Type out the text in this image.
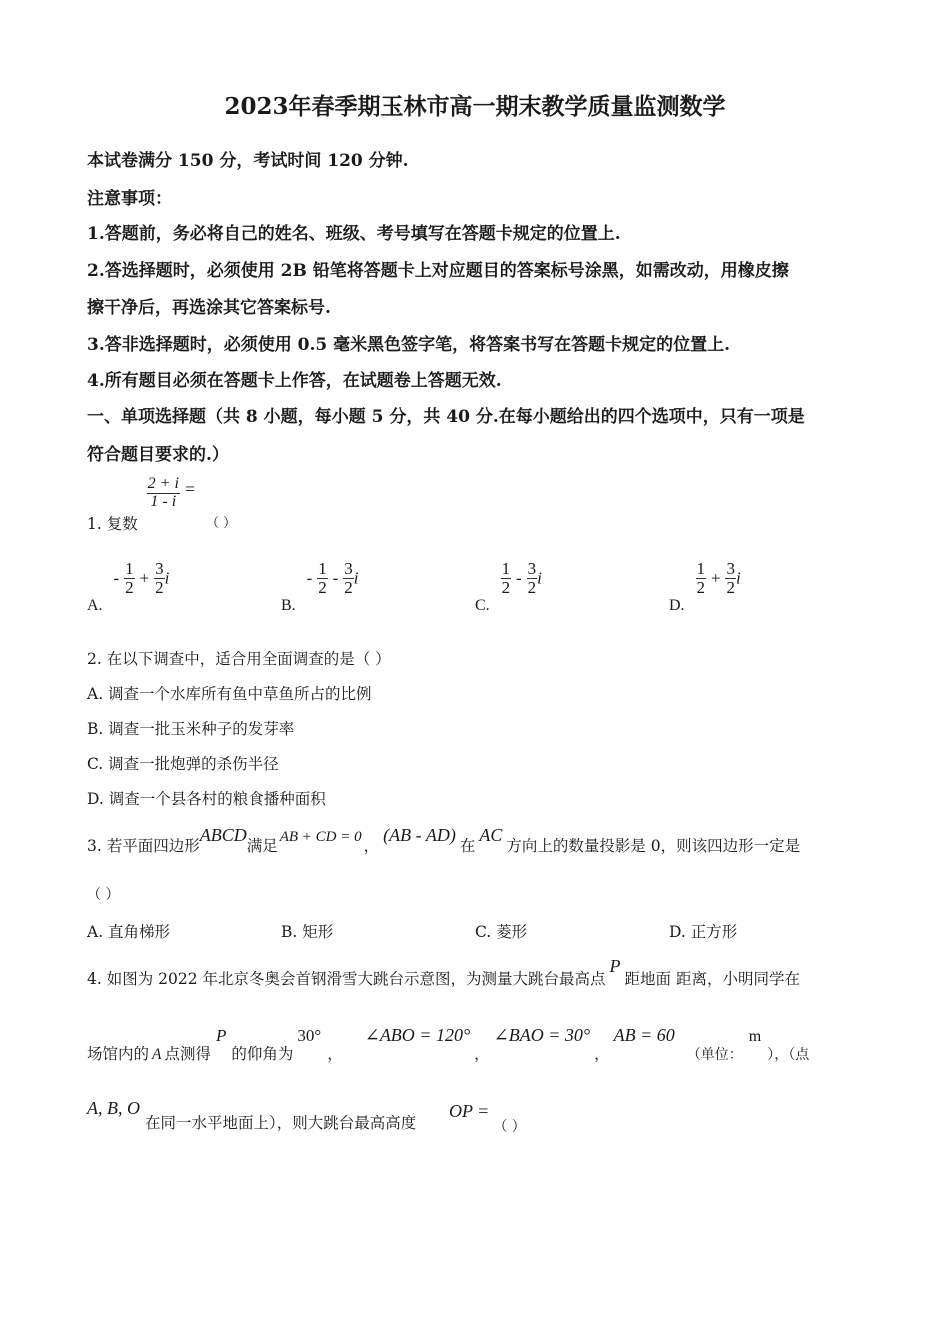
2023年春季期玉林市高一期末教学质量监测数学
本试卷满分 150 分，考试时间 120 分钟.
注意事项：
1.答题前，务必将自己的姓名、班级、考号填写在答题卡规定的位置上.
2.答选择题时，必须使用 2B 铅笔将答题卡上对应题目的答案标号涂黑，如需改动，用橡皮擦
擦干净后，再选涂其它答案标号.
3.答非选择题时，必须使用 0.5 毫米黑色签字笔，将答案书写在答题卡规定的位置上.
4.所有题目必须在答题卡上作答，在试题卷上答题无效.
一、单项选择题（共 8 小题，每小题 5 分，共 40 分.在每小题给出的四个选项中，只有一项是
符合题目要求的.）
1. 复数
$\frac{2 + i}{1 - i} = _{( )}$
A. - $\frac{1}{2} + \frac{3}{2}$ i
B. - $\frac{1}{2} - \frac{3}{2}$ i
C.
$\frac{1}{2} - \frac{3}{2}$ i
D.
$\frac{1}{2} + \frac{3}{2}$ i
2. 在以下调查中，适合用全面调查的是（ ）
A. 调查一个水库所有鱼中草鱼所占的比例
B. 调查一批玉米种子的发芽率
C. 调查一批炮弹的杀伤半径
D. 调查一个县各村的粮食播种面积
3. 若平面四边形ABCD满足 AB + CD = 0 ，(AB - AD)在AC方向上的数量投影是 0，则该四边形一定是
（ ）
A. 直角梯形	B. 矩形	C. 菱形	D. 正方形
4. 如图为 2022 年北京冬奥会首钢滑雪大跳台示意图，为测量大跳台最高点P距地面 距离，小明同学在
场馆内的 A 点测得P的仰角为30°，∠ABO = 120°，∠BAO = 30°，AB = 60（单位：m），（点
A, B, O
在同一水平地面上），则大跳台最高高度
OP =（ ）
